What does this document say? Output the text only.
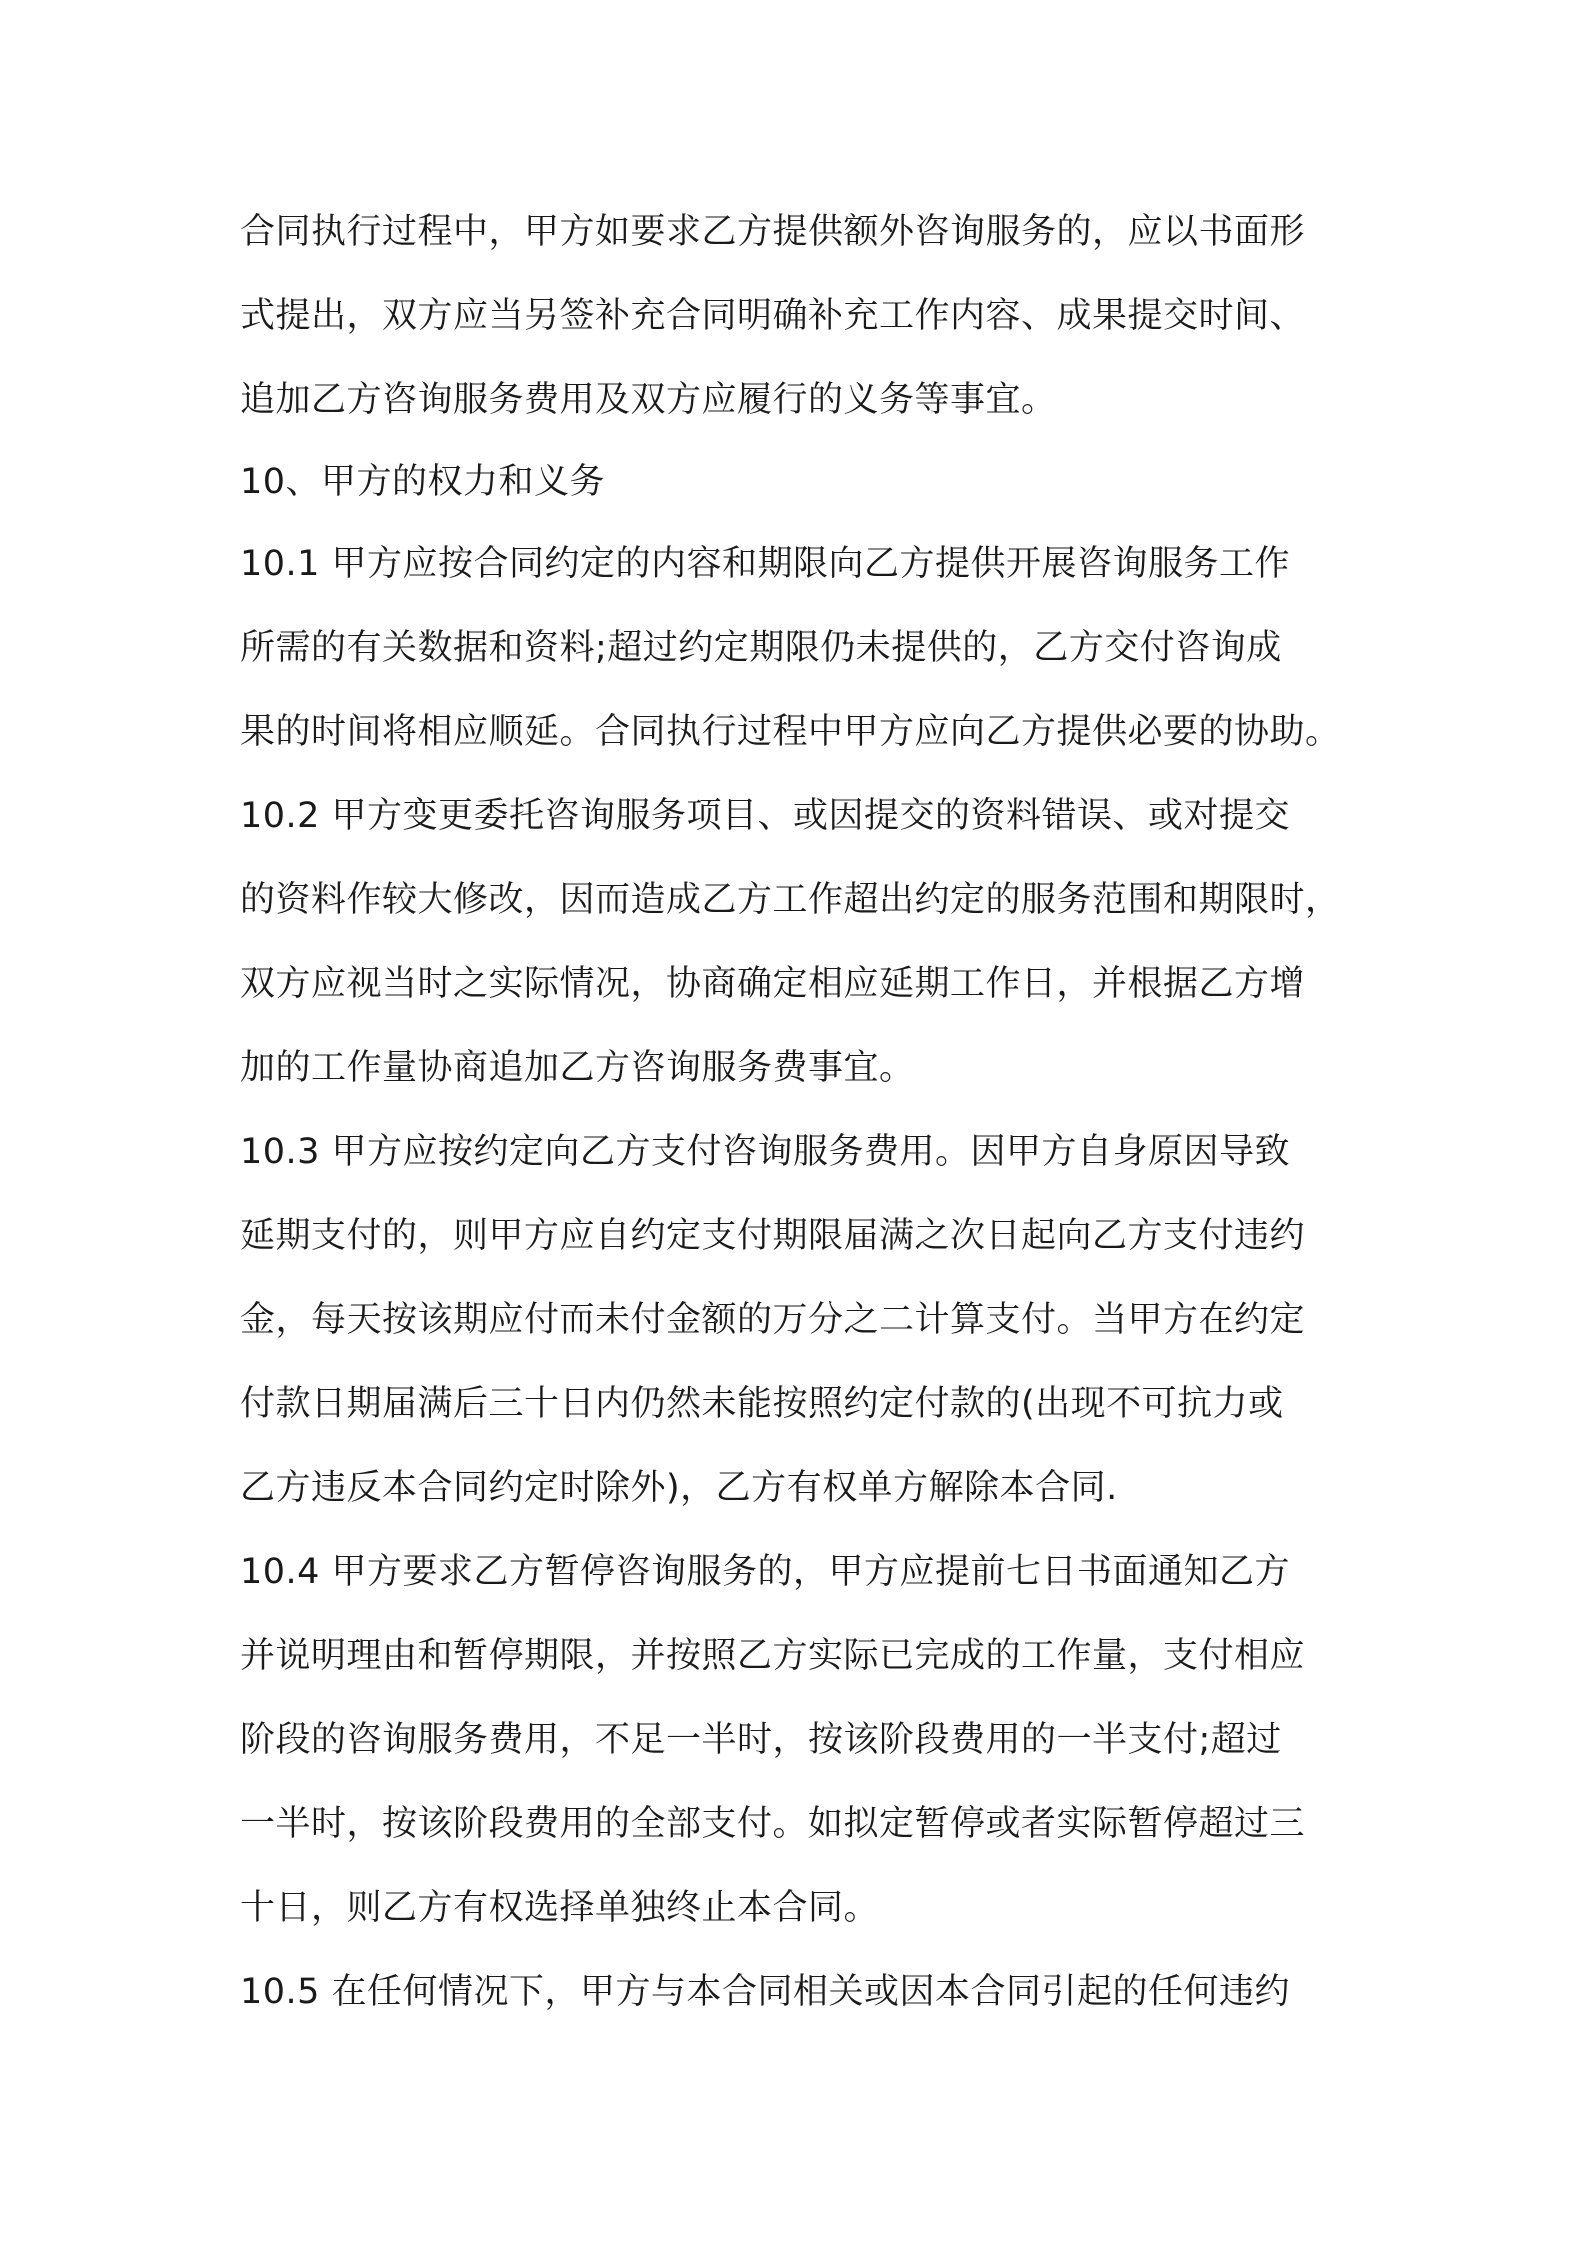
合同执行过程中，甲方如要求乙方提供额外咨询服务的，应以书面形
式提出，双方应当另签补充合同明确补充工作内容、成果提交时间、
追加乙方咨询服务费用及双方应履行的义务等事宜。
10、甲方的权力和义务
10.1 甲方应按合同约定的内容和期限向乙方提供开展咨询服务工作
所需的有关数据和资料;超过约定期限仍未提供的，乙方交付咨询成
果的时间将相应顺延。合同执行过程中甲方应向乙方提供必要的协助。
10.2 甲方变更委托咨询服务项目、或因提交的资料错误、或对提交
的资料作较大修改，因而造成乙方工作超出约定的服务范围和期限时，
双方应视当时之实际情况，协商确定相应延期工作日，并根据乙方增
加的工作量协商追加乙方咨询服务费事宜。
10.3 甲方应按约定向乙方支付咨询服务费用。因甲方自身原因导致
延期支付的，则甲方应自约定支付期限届满之次日起向乙方支付违约
金，每天按该期应付而未付金额的万分之二计算支付。当甲方在约定
付款日期届满后三十日内仍然未能按照约定付款的(出现不可抗力或
乙方违反本合同约定时除外)，乙方有权单方解除本合同.
10.4 甲方要求乙方暂停咨询服务的，甲方应提前七日书面通知乙方
并说明理由和暂停期限，并按照乙方实际已完成的工作量，支付相应
阶段的咨询服务费用，不足一半时，按该阶段费用的一半支付;超过
一半时，按该阶段费用的全部支付。如拟定暂停或者实际暂停超过三
十日，则乙方有权选择单独终止本合同。
10.5 在任何情况下，甲方与本合同相关或因本合同引起的任何违约
